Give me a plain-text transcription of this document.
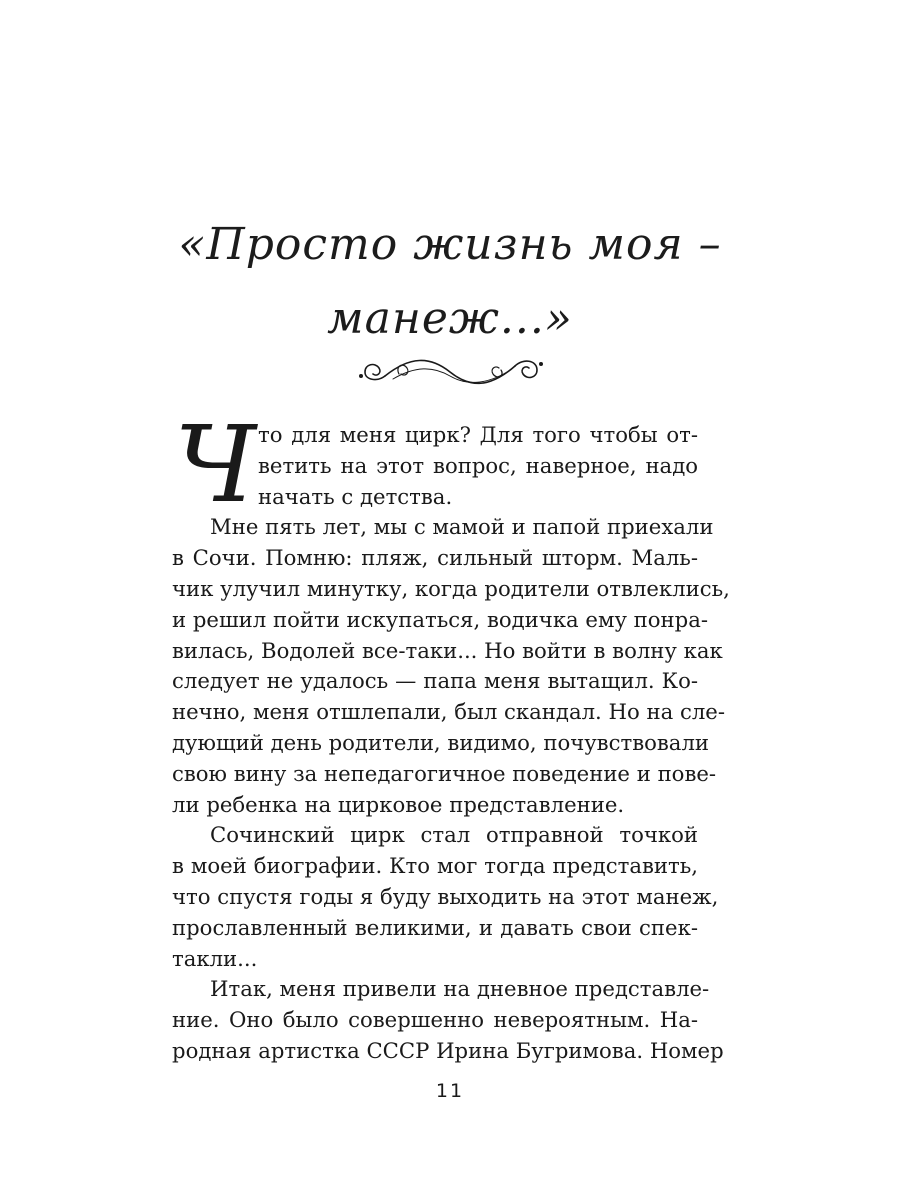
«Просто жизнь моя –
манеж...»
Ч то для меня цирк? Для того чтобы от-
ветить на этот вопрос, наверное, надо
начать с детства.
Мне пять лет, мы с мамой и папой приехали
в Сочи. Помню: пляж, сильный шторм. Маль-
чик улучил минутку, когда родители отвлеклись,
и решил пойти искупаться, водичка ему понра-
вилась, Водолей все-таки... Но войти в волну как
следует не удалось — папа меня вытащил. Ко-
нечно, меня отшлепали, был скандал. Но на сле-
дующий день родители, видимо, почувствовали
свою вину за непедагогичное поведение и пове-
ли ребенка на цирковое представление.
Сочинский цирк стал отправной точкой
в моей биографии. Кто мог тогда представить,
что спустя годы я буду выходить на этот манеж,
прославленный великими, и давать свои спек-
такли...
Итак, меня привели на дневное представле-
ние. Оно было совершенно невероятным. На-
родная артистка СССР Ирина Бугримова. Номер
11
